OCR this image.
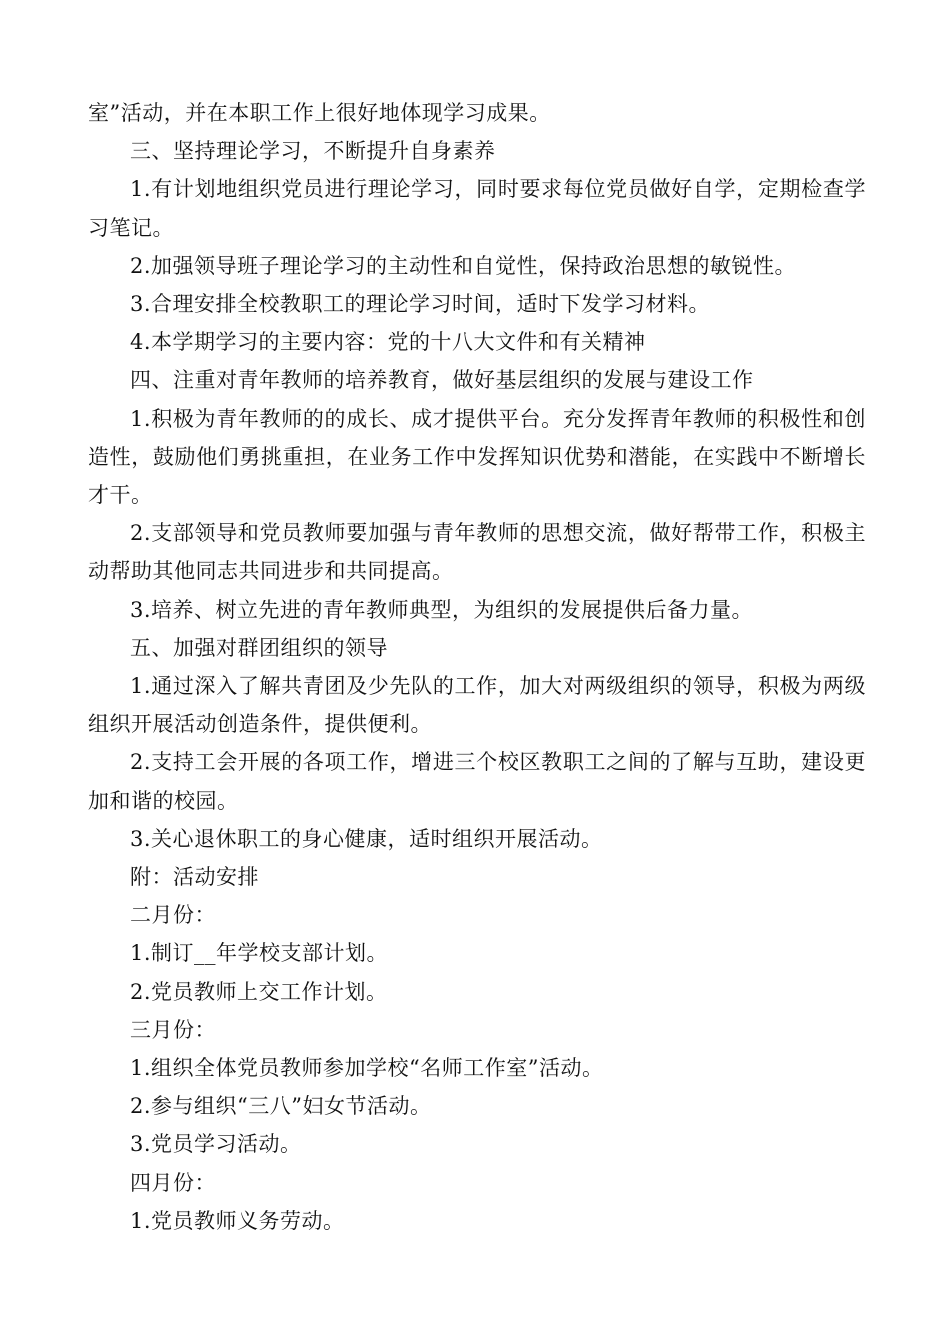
室”活动，并在本职工作上很好地体现学习成果。

三、坚持理论学习，不断提升自身素养

1.有计划地组织党员进行理论学习，同时要求每位党员做好自学，定期检查学习笔记。

2.加强领导班子理论学习的主动性和自觉性，保持政治思想的敏锐性。

3.合理安排全校教职工的理论学习时间，适时下发学习材料。

4.本学期学习的主要内容：党的十八大文件和有关精神

四、注重对青年教师的培养教育，做好基层组织的发展与建设工作

1.积极为青年教师的的成长、成才提供平台。充分发挥青年教师的积极性和创造性，鼓励他们勇挑重担，在业务工作中发挥知识优势和潜能，在实践中不断增长才干。

2.支部领导和党员教师要加强与青年教师的思想交流，做好帮带工作，积极主动帮助其他同志共同进步和共同提高。

3.培养、树立先进的青年教师典型，为组织的发展提供后备力量。

五、加强对群团组织的领导

1.通过深入了解共青团及少先队的工作，加大对两级组织的领导，积极为两级组织开展活动创造条件，提供便利。

2.支持工会开展的各项工作，增进三个校区教职工之间的了解与互助，建设更加和谐的校园。

3.关心退休职工的身心健康，适时组织开展活动。

附：活动安排

二月份：

1.制订__年学校支部计划。

2.党员教师上交工作计划。

三月份：

1.组织全体党员教师参加学校“名师工作室”活动。

2.参与组织“三八”妇女节活动。

3.党员学习活动。

四月份：

1.党员教师义务劳动。
